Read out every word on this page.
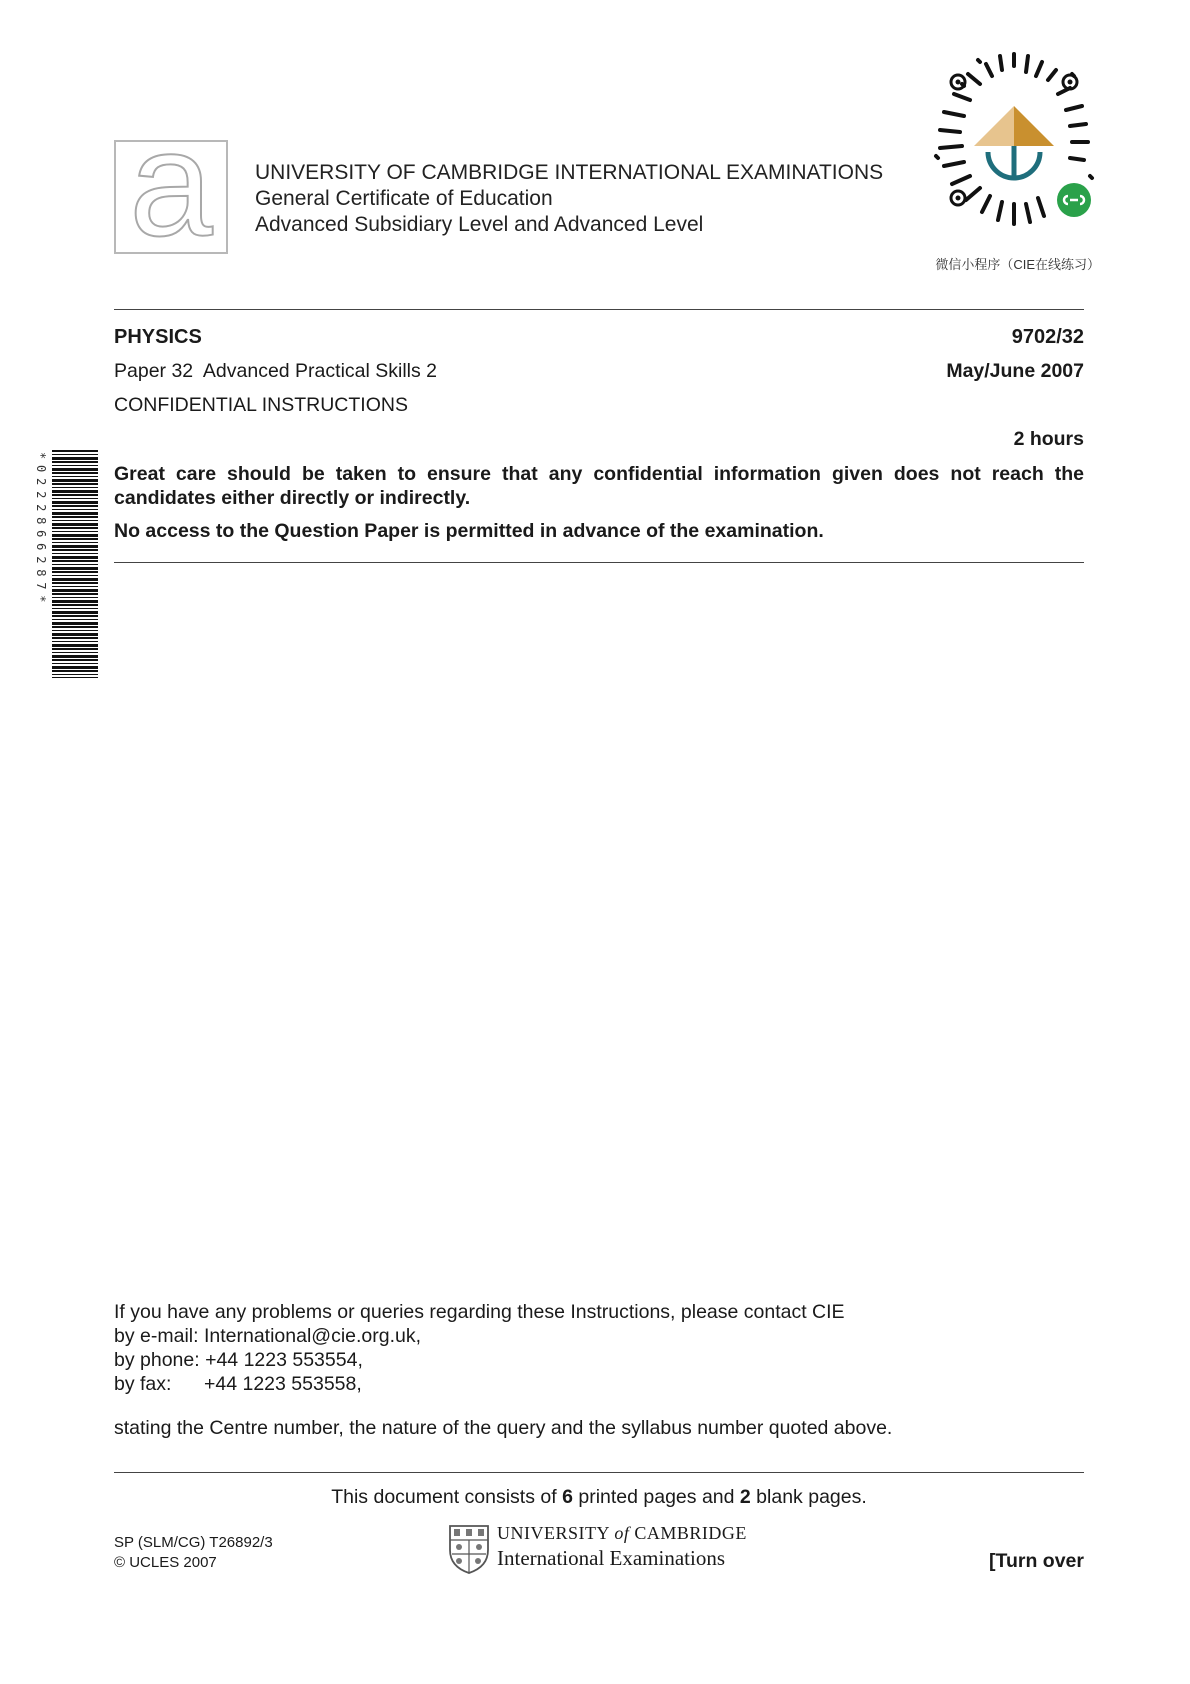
a	UNIVERSITY OF CAMBRIDGE INTERNATIONAL EXAMINATIONS
General Certificate of Education
Advanced Subsidiary Level and Advanced Level
微信小程序（CIE在线练习）
PHYSICS	9702/32
Paper 32  Advanced Practical Skills 2	May/June 2007
CONFIDENTIAL INSTRUCTIONS
2 hours
*0222866287*	Great care should be taken to ensure that any confidential information given does not reach the candidates either directly or indirectly.
No access to the Question Paper is permitted in advance of the examination.
If you have any problems or queries regarding these Instructions, please contact CIE
by e-mail: International@cie.org.uk,
by phone: +44 1223 553554,
by fax: +44 1223 553558,
stating the Centre number, the nature of the query and the syllabus number quoted above.
This document consists of 6 printed pages and 2 blank pages.
SP (SLM/CG) T26892/3
© UCLES 2007
UNIVERSITY of CAMBRIDGE
International Examinations	[Turn over
